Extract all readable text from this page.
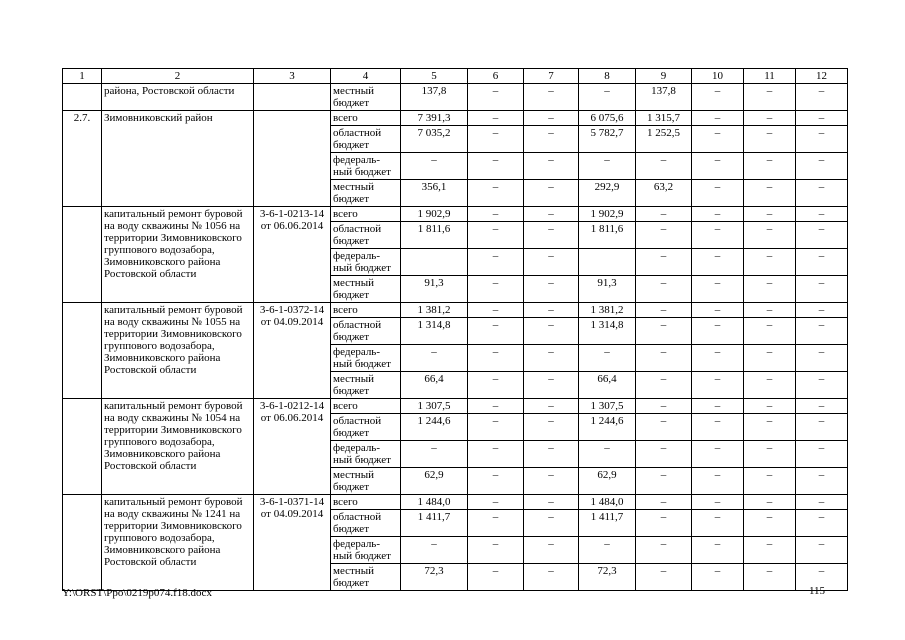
1	2	3	4	5	6	7	8	9	10	11	12
	района, Ростовской области		местный бюджет	137,8	–	–	–	137,8	–	–	–
2.7.	Зимовниковский район		всего	7 391,3	–	–	6 075,6	1 315,7	–	–	–
			областной бюджет	7 035,2	–	–	5 782,7	1 252,5	–	–	–
			федераль-ный бюджет	–	–	–	–	–	–	–	–
			местный бюджет	356,1	–	–	292,9	63,2	–	–	–
	капитальный ремонт буровой на воду скважины № 1056 на территории Зимовниковского группового водозабора, Зимовниковского района Ростовской области	3-6-1-0213-14 от 06.06.2014	всего	1 902,9	–	–	1 902,9	–	–	–	–
			областной бюджет	1 811,6	–	–	1 811,6	–	–	–	–
			федераль-ный бюджет		–	–		–	–	–	–
			местный бюджет	91,3	–	–	91,3	–	–	–	–
	капитальный ремонт буровой на воду скважины № 1055 на территории Зимовниковского группового водозабора, Зимовниковского района Ростовской области	3-6-1-0372-14 от 04.09.2014	всего	1 381,2	–	–	1 381,2	–	–	–	–
			областной бюджет	1 314,8	–	–	1 314,8	–	–	–	–
			федераль-ный бюджет	–	–	–	–	–	–	–	–
			местный бюджет	66,4	–	–	66,4	–	–	–	–
	капитальный ремонт буровой на воду скважины № 1054 на территории Зимовниковского группового водозабора, Зимовниковского района Ростовской области	3-6-1-0212-14 от 06.06.2014	всего	1 307,5	–	–	1 307,5	–	–	–	–
			областной бюджет	1 244,6	–	–	1 244,6	–	–	–	–
			федераль-ный бюджет	–	–	–	–	–	–	–	–
			местный бюджет	62,9	–	–	62,9	–	–	–	–
	капитальный ремонт буровой на воду скважины № 1241 на территории Зимовниковского группового водозабора, Зимовниковского района Ростовской области	3-6-1-0371-14 от 04.09.2014	всего	1 484,0	–	–	1 484,0	–	–	–	–
			областной бюджет	1 411,7	–	–	1 411,7	–	–	–	–
			федераль-ный бюджет	–	–	–	–	–	–	–	–
			местный бюджет	72,3	–	–	72,3	–	–	–	–
Y:\ORST\Ppo\0219p074.f18.docx	115
